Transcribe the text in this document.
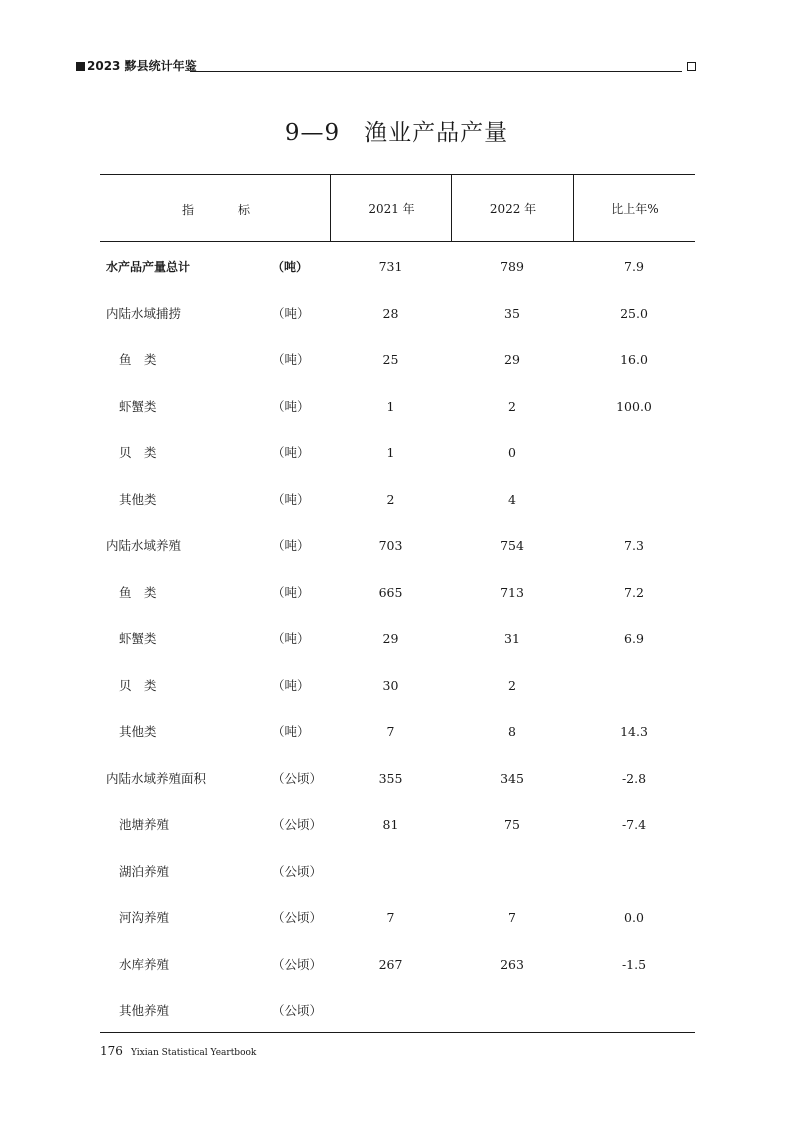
2023 黟县统计年鉴
9—9　渔业产品产量
指	标	2021 年	2022 年	比上年%
水产品产量总计	（吨）	731	789	7.9
内陆水域捕捞	（吨）	28	35	25.0
鱼　类	（吨）	25	29	16.0
虾蟹类	（吨）	1	2	100.0
贝　类	（吨）	1	0
其他类	（吨）	2	4
内陆水域养殖	（吨）	703	754	7.3
鱼　类	（吨）	665	713	7.2
虾蟹类	（吨）	29	31	6.9
贝　类	（吨）	30	2
其他类	（吨）	7	8	14.3
内陆水域养殖面积	（公顷）	355	345	-2.8
池塘养殖	（公顷）	81	75	-7.4
湖泊养殖	（公顷）
河沟养殖	（公顷）	7	7	0.0
水库养殖	（公顷）	267	263	-1.5
其他养殖	（公顷）
176 Yixian Statistical Yeartbook
